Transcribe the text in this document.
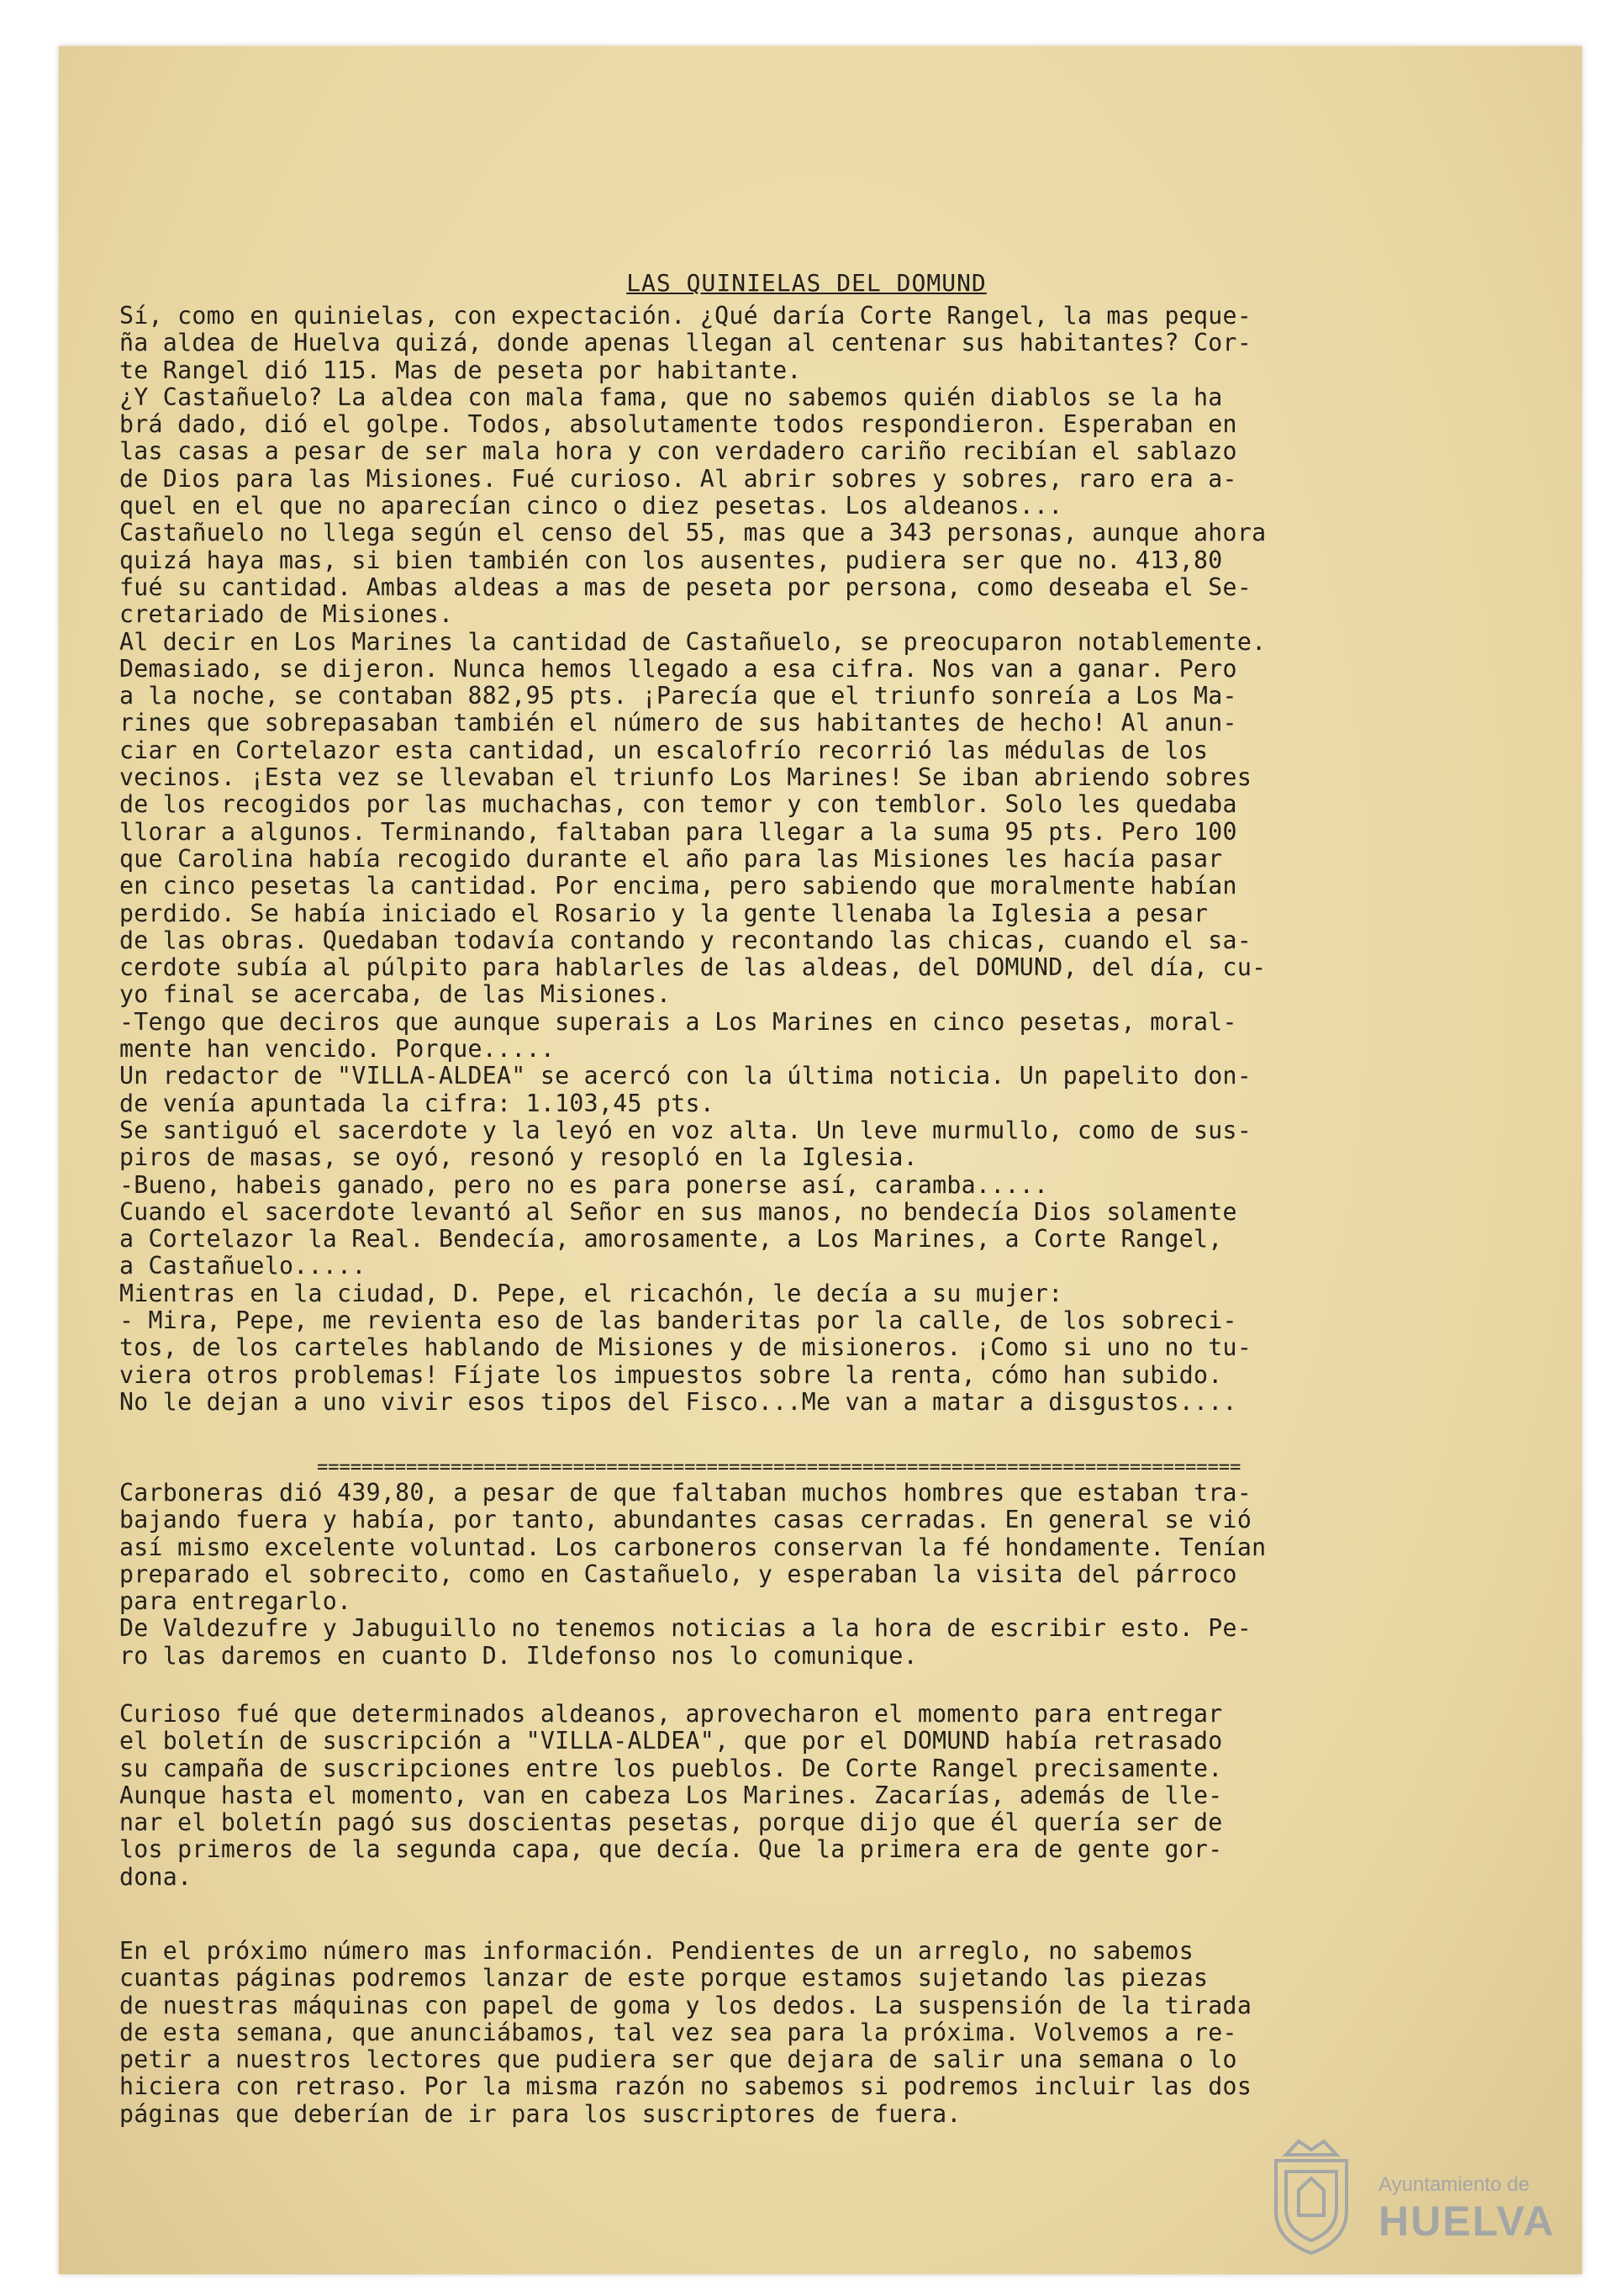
LAS QUINIELAS DEL DOMUND
Sí, como en quinielas, con expectación. ¿Qué daría Corte Rangel, la mas peque-
ña aldea de Huelva quizá, donde apenas llegan al centenar sus habitantes? Cor-
te Rangel dió 115. Mas de peseta por habitante.
¿Y Castañuelo? La aldea con mala fama, que no sabemos quién diablos se la ha
brá dado, dió el golpe. Todos, absolutamente todos respondieron. Esperaban en
las casas a pesar de ser mala hora y con verdadero cariño recibían el sablazo
de Dios para las Misiones. Fué curioso. Al abrir sobres y sobres, raro era a-
quel en el que no aparecían cinco o diez pesetas. Los aldeanos...
Castañuelo no llega según el censo del 55, mas que a 343 personas, aunque ahora
quizá haya mas, si bien también con los ausentes, pudiera ser que no. 413,80
fué su cantidad. Ambas aldeas a mas de peseta por persona, como deseaba el Se-
cretariado de Misiones.
Al decir en Los Marines la cantidad de Castañuelo, se preocuparon notablemente.
Demasiado, se dijeron. Nunca hemos llegado a esa cifra. Nos van a ganar. Pero
a la noche, se contaban 882,95 pts. ¡Parecía que el triunfo sonreía a Los Ma-
rines que sobrepasaban también el número de sus habitantes de hecho! Al anun-
ciar en Cortelazor esta cantidad, un escalofrío recorrió las médulas de los
vecinos. ¡Esta vez se llevaban el triunfo Los Marines! Se iban abriendo sobres
de los recogidos por las muchachas, con temor y con temblor. Solo les quedaba
llorar a algunos. Terminando, faltaban para llegar a la suma 95 pts. Pero 100
que Carolina había recogido durante el año para las Misiones les hacía pasar
en cinco pesetas la cantidad. Por encima, pero sabiendo que moralmente habían
perdido. Se había iniciado el Rosario y la gente llenaba la Iglesia a pesar
de las obras. Quedaban todavía contando y recontando las chicas, cuando el sa-
cerdote subía al púlpito para hablarles de las aldeas, del DOMUND, del día, cu-
yo final se acercaba, de las Misiones.
-Tengo que deciros que aunque superais a Los Marines en cinco pesetas, moral-
mente han vencido. Porque.....
Un redactor de "VILLA-ALDEA" se acercó con la última noticia. Un papelito don-
de venía apuntada la cifra: 1.103,45 pts.
Se santiguó el sacerdote y la leyó en voz alta. Un leve murmullo, como de sus-
piros de masas, se oyó, resonó y resopló en la Iglesia.
-Bueno, habeis ganado, pero no es para ponerse así, caramba.....
Cuando el sacerdote levantó al Señor en sus manos, no bendecía Dios solamente
a Cortelazor la Real. Bendecía, amorosamente, a Los Marines, a Corte Rangel,
a Castañuelo.....
Mientras en la ciudad, D. Pepe, el ricachón, le decía a su mujer:
- Mira, Pepe, me revienta eso de las banderitas por la calle, de los sobreci-
tos, de los carteles hablando de Misiones y de misioneros. ¡Como si uno no tu-
viera otros problemas! Fíjate los impuestos sobre la renta, cómo han subido.
No le dejan a uno vivir esos tipos del Fisco...Me van a matar a disgustos....
===================================================================================
Carboneras dió 439,80, a pesar de que faltaban muchos hombres que estaban tra-
bajando fuera y había, por tanto, abundantes casas cerradas. En general se vió
así mismo excelente voluntad. Los carboneros conservan la fé hondamente. Tenían
preparado el sobrecito, como en Castañuelo, y esperaban la visita del párroco
para entregarlo.
De Valdezufre y Jabuguillo no tenemos noticias a la hora de escribir esto. Pe-
ro las daremos en cuanto D. Ildefonso nos lo comunique.
Curioso fué que determinados aldeanos, aprovecharon el momento para entregar
el boletín de suscripción a "VILLA-ALDEA", que por el DOMUND había retrasado
su campaña de suscripciones entre los pueblos. De Corte Rangel precisamente.
Aunque hasta el momento, van en cabeza Los Marines. Zacarías, además de lle-
nar el boletín pagó sus doscientas pesetas, porque dijo que él quería ser de
los primeros de la segunda capa, que decía. Que la primera era de gente gor-
dona.
En el próximo número mas información. Pendientes de un arreglo, no sabemos
cuantas páginas podremos lanzar de este porque estamos sujetando las piezas
de nuestras máquinas con papel de goma y los dedos. La suspensión de la tirada
de esta semana, que anunciábamos, tal vez sea para la próxima. Volvemos a re-
petir a nuestros lectores que pudiera ser que dejara de salir una semana o lo
hiciera con retraso. Por la misma razón no sabemos si podremos incluir las dos
páginas que deberían de ir para los suscriptores de fuera.
Ayuntamiento de
HUELVA
